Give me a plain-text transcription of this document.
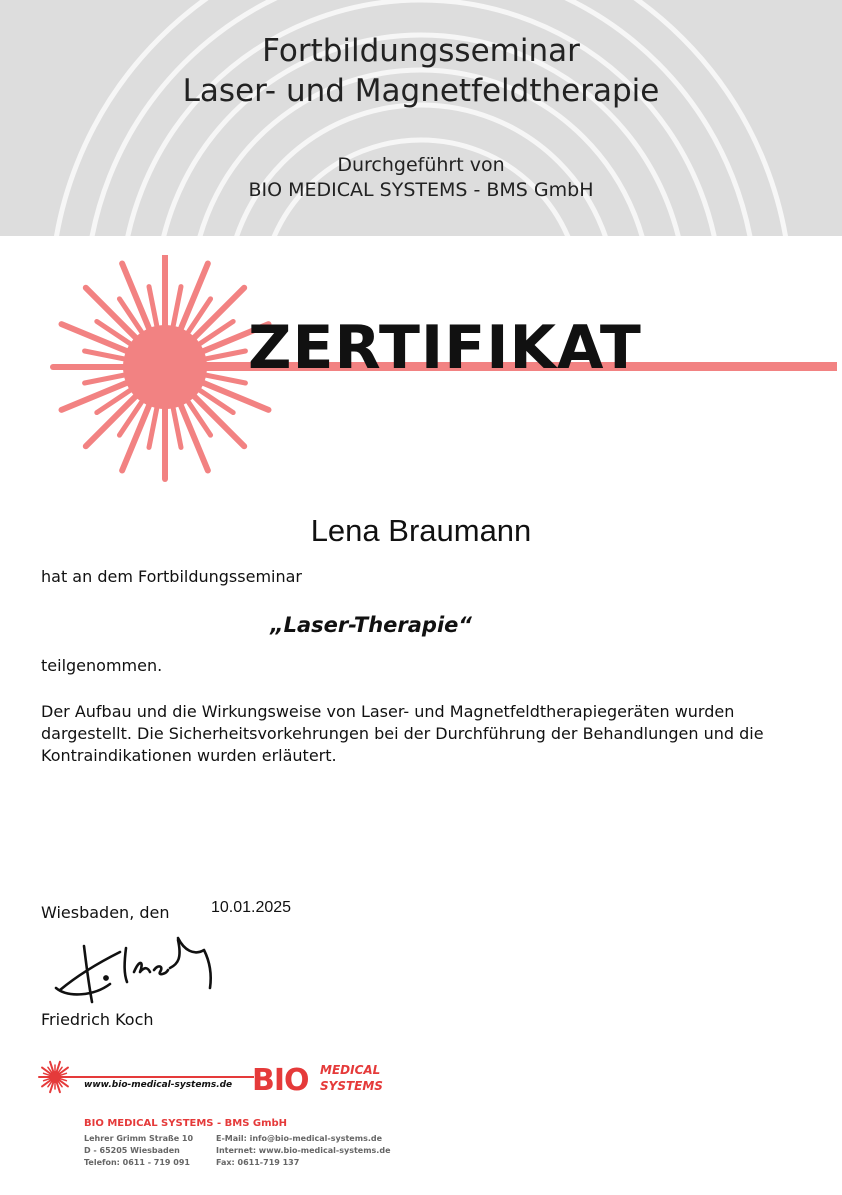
Fortbildungsseminar
Laser- und Magnetfeldtherapie
Durchgeführt von
BIO MEDICAL SYSTEMS - BMS GmbH
ZERTIFIKAT
Lena Braumann
hat an dem Fortbildungsseminar
„Laser-Therapie“
teilgenommen.
Der Aufbau und die Wirkungsweise von Laser- und Magnetfeldtherapiegeräten wurden dargestellt. Die Sicherheitsvorkehrungen bei der Durchführung der Behandlungen und die Kontraindikationen wurden erläutert.
Wiesbaden, den	10.01.2025
Friedrich Koch
www.bio-medical-systems.de BIO MEDICAL
SYSTEMS
BIO MEDICAL SYSTEMS - BMS GmbH
Lehrer Grimm Straße 10
D - 65205 Wiesbaden
Telefon: 0611 - 719 091
E-Mail: info@bio-medical-systems.de
Internet: www.bio-medical-systems.de
Fax: 0611-719 137
